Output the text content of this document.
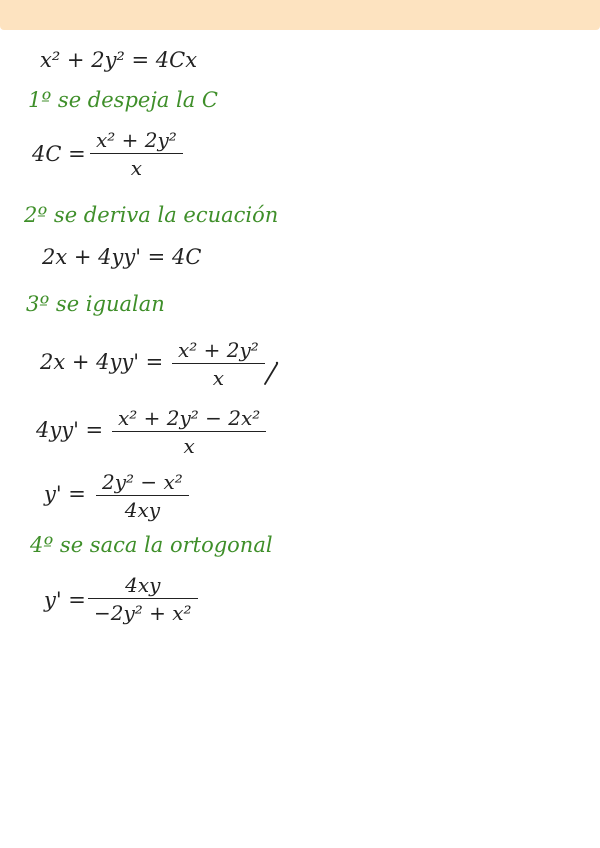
x² + 2y² = 4Cx
1º se despeja la C
4C =
x² + 2y²
x
2º se deriva la ecuación
2x + 4yy' = 4C
3º se igualan
2x + 4yy' = x² + 2y²
x
4yy' = x² + 2y² − 2x²
x
y' = 2y² − x²
4xy
4º se saca la ortogonal
y' =
4xy
−2y² + x²
